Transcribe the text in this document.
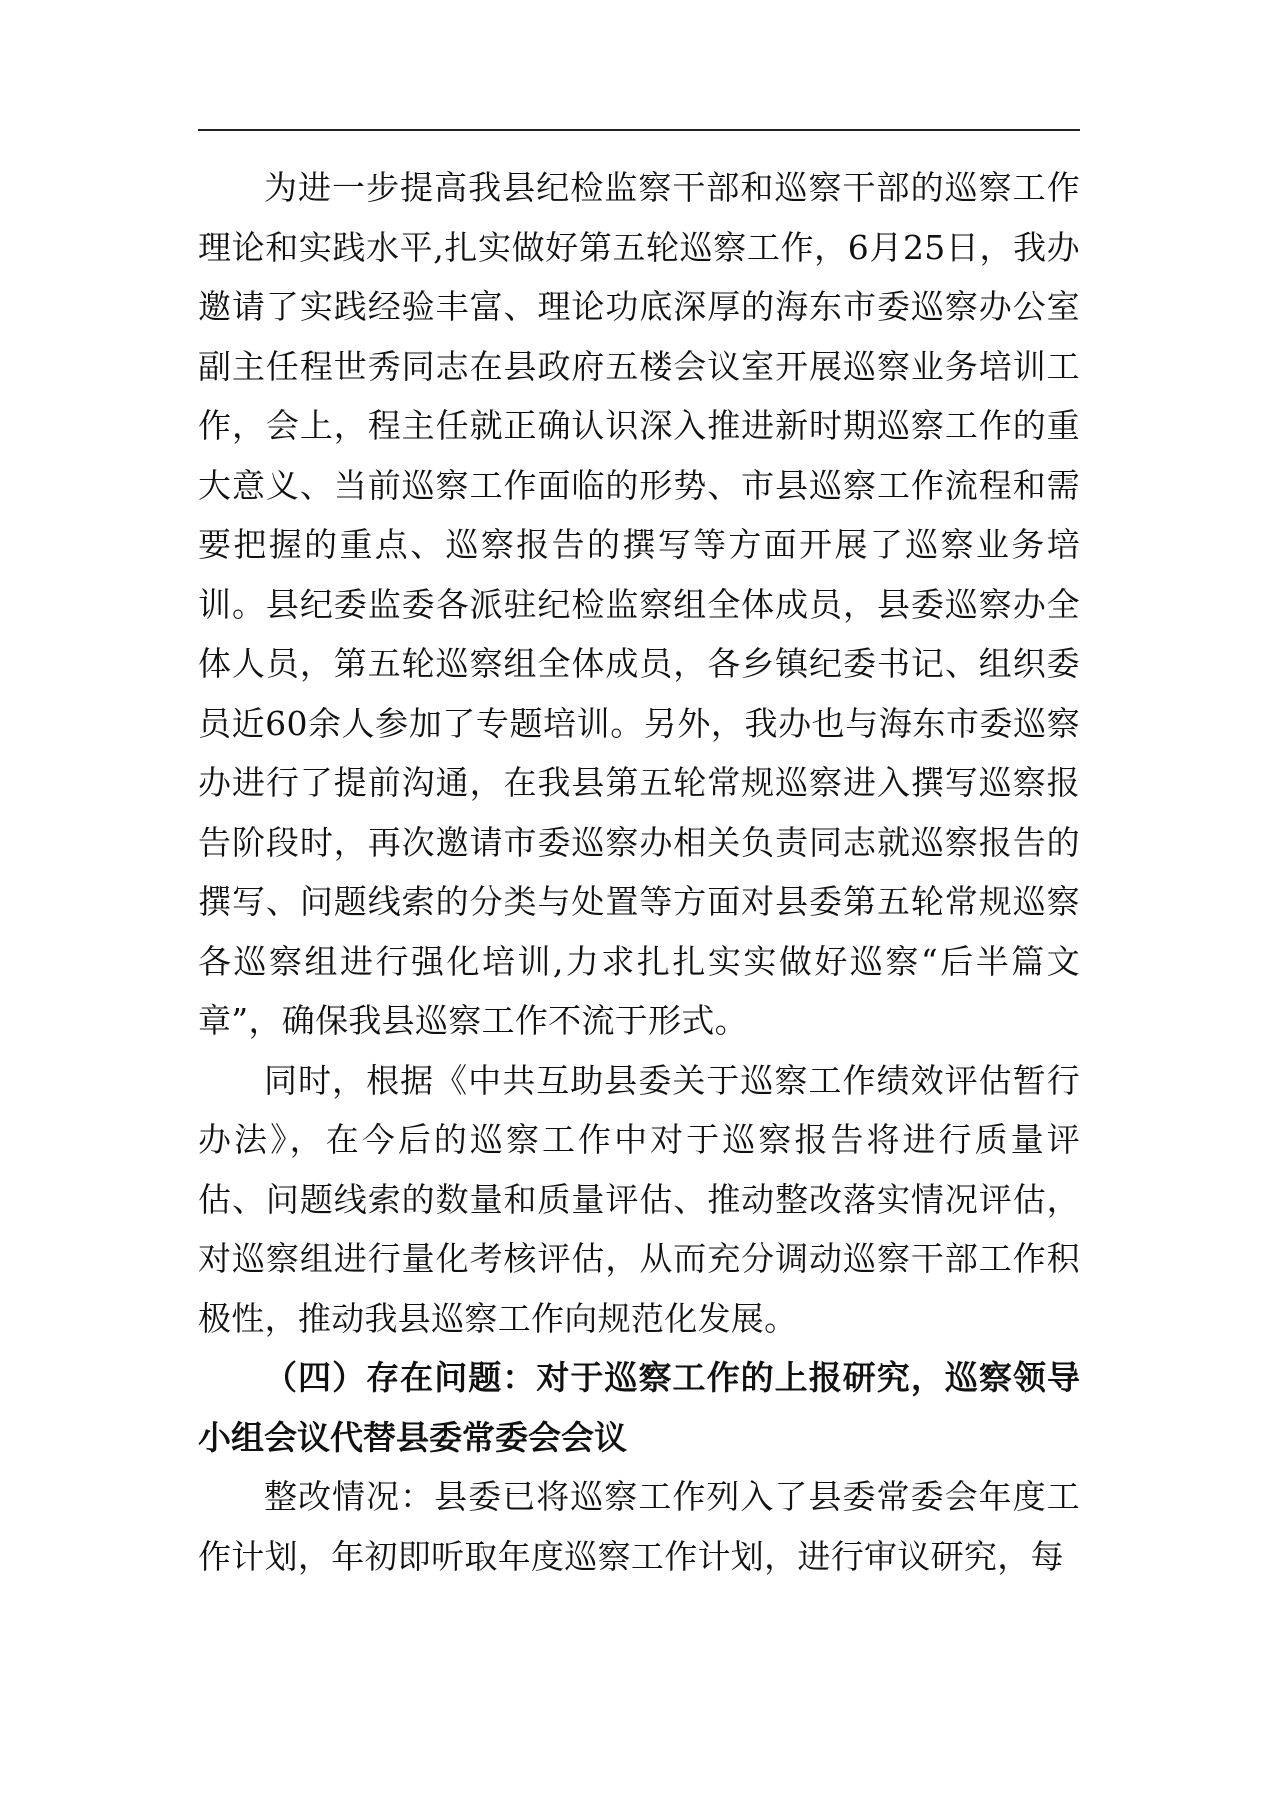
为进一步提高我县纪检监察干部和巡察干部的巡察工作理论和实践水平,扎实做好第五轮巡察工作，6月25日，我办邀请了实践经验丰富、理论功底深厚的海东市委巡察办公室副主任程世秀同志在县政府五楼会议室开展巡察业务培训工作，会上，程主任就正确认识深入推进新时期巡察工作的重大意义、当前巡察工作面临的形势、市县巡察工作流程和需要把握的重点、巡察报告的撰写等方面开展了巡察业务培训。县纪委监委各派驻纪检监察组全体成员，县委巡察办全体人员，第五轮巡察组全体成员，各乡镇纪委书记、组织委员近60余人参加了专题培训。另外，我办也与海东市委巡察办进行了提前沟通，在我县第五轮常规巡察进入撰写巡察报告阶段时，再次邀请市委巡察办相关负责同志就巡察报告的撰写、问题线索的分类与处置等方面对县委第五轮常规巡察各巡察组进行强化培训,力求扎扎实实做好巡察“后半篇文章”，确保我县巡察工作不流于形式。

同时，根据《中共互助县委关于巡察工作绩效评估暂行办法》，在今后的巡察工作中对于巡察报告将进行质量评估、问题线索的数量和质量评估、推动整改落实情况评估，对巡察组进行量化考核评估，从而充分调动巡察干部工作积极性，推动我县巡察工作向规范化发展。

（四）存在问题：对于巡察工作的上报研究，巡察领导小组会议代替县委常委会会议

整改情况：县委已将巡察工作列入了县委常委会年度工作计划，年初即听取年度巡察工作计划，进行审议研究，每
